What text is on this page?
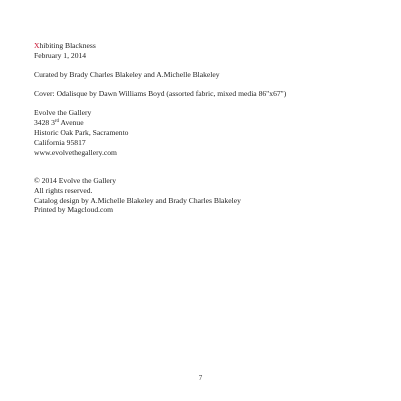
Xhibiting Blackness
February 1, 2014
Curated by Brady Charles Blakeley and A.Michelle Blakeley
Cover: Odalisque by Dawn Williams Boyd (assorted fabric, mixed media 86"x67")
Evolve the Gallery
3428 3rd Avenue
Historic Oak Park, Sacramento
California 95817
www.evolvethegallery.com
© 2014 Evolve the Gallery
All rights reserved.
Catalog design by A.Michelle Blakeley and Brady Charles Blakeley
Printed by Magcloud.com
7
